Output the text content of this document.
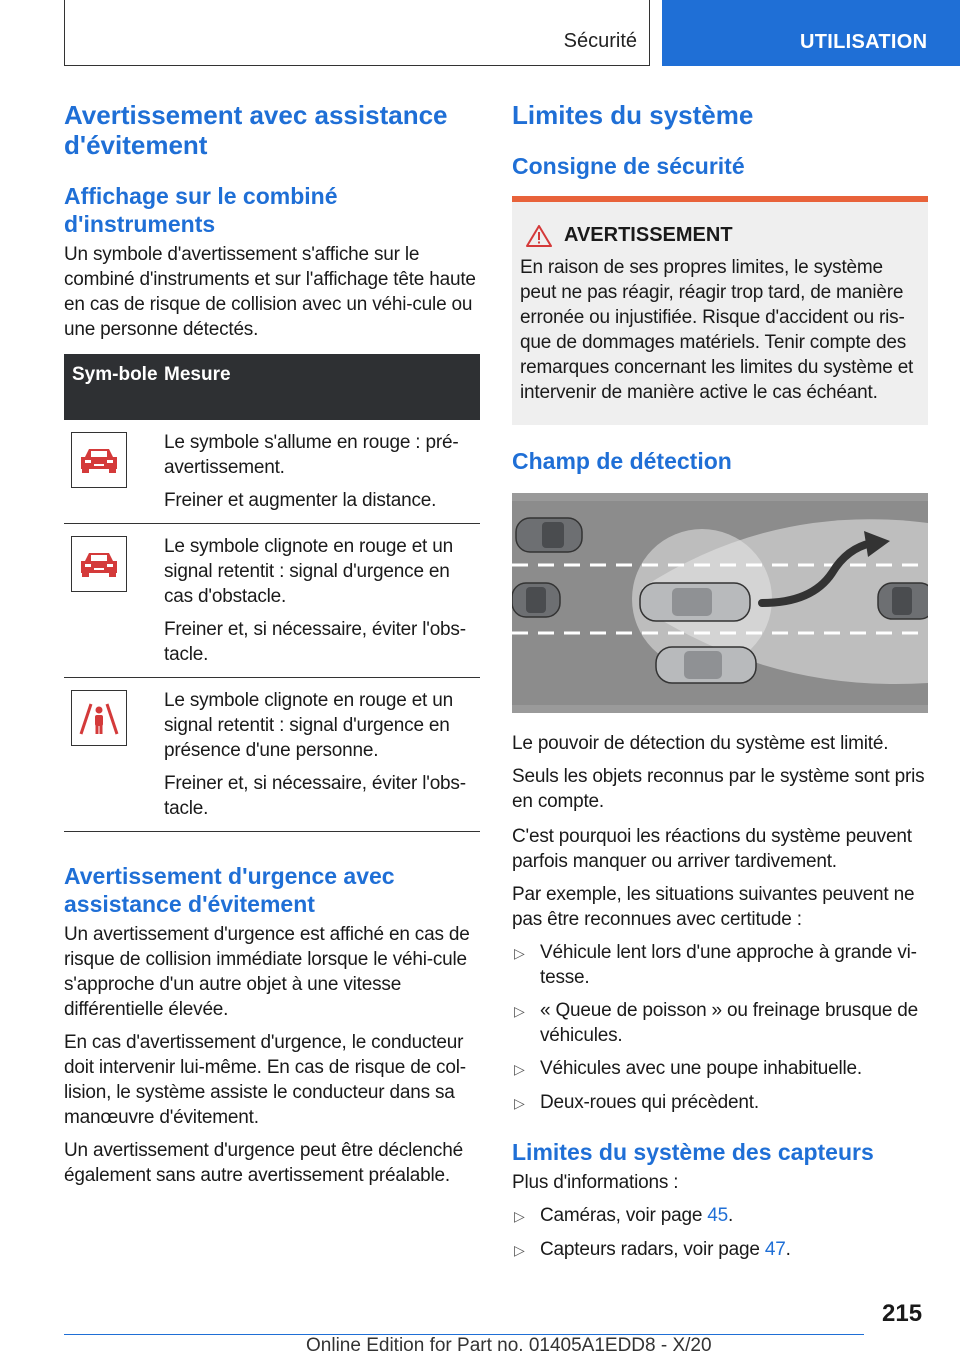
Sécurité	UTILISATION
Avertissement avec assistance d'évitement
Affichage sur le combiné d'instruments
Un symbole d'avertissement s'affiche sur le combiné d'instruments et sur l'affichage tête haute en cas de risque de collision avec un véhi-cule ou une personne détectés.
Sym-bole Mesure
Le symbole s'allume en rouge : pré-avertissement.
Freiner et augmenter la distance.
Le symbole clignote en rouge et un signal retentit : signal d'urgence en cas d'obstacle.
Freiner et, si nécessaire, éviter l'obs-tacle.
Le symbole clignote en rouge et un signal retentit : signal d'urgence en présence d'une personne.
Freiner et, si nécessaire, éviter l'obs-tacle.
Avertissement d'urgence avec assistance d'évitement
Un avertissement d'urgence est affiché en cas de risque de collision immédiate lorsque le véhi-cule s'approche d'un autre objet à une vitesse différentielle élevée.
En cas d'avertissement d'urgence, le conducteur doit intervenir lui-même. En cas de risque de col-lision, le système assiste le conducteur dans sa manœuvre d'évitement.
Un avertissement d'urgence peut être déclenché également sans autre avertissement préalable.
Limites du système
Consigne de sécurité
AVERTISSEMENT
En raison de ses propres limites, le système peut ne pas réagir, réagir trop tard, de manière erronée ou injustifiée. Risque d'accident ou ris-que de dommages matériels. Tenir compte des remarques concernant les limites du système et intervenir de manière active le cas échéant.
Champ de détection
Le pouvoir de détection du système est limité.
Seuls les objets reconnus par le système sont pris en compte.
C'est pourquoi les réactions du système peuvent parfois manquer ou arriver tardivement.
Par exemple, les situations suivantes peuvent ne pas être reconnues avec certitude :
▷ Véhicule lent lors d'une approche à grande vi-tesse.
▷ « Queue de poisson » ou freinage brusque de véhicules.
▷ Véhicules avec une poupe inhabituelle.
▷ Deux-roues qui précèdent.
Limites du système des capteurs
Plus d'informations :
▷ Caméras, voir page 45.
▷ Capteurs radars, voir page 47.
215
Online Edition for Part no. 01405A1EDD8 - X/20
